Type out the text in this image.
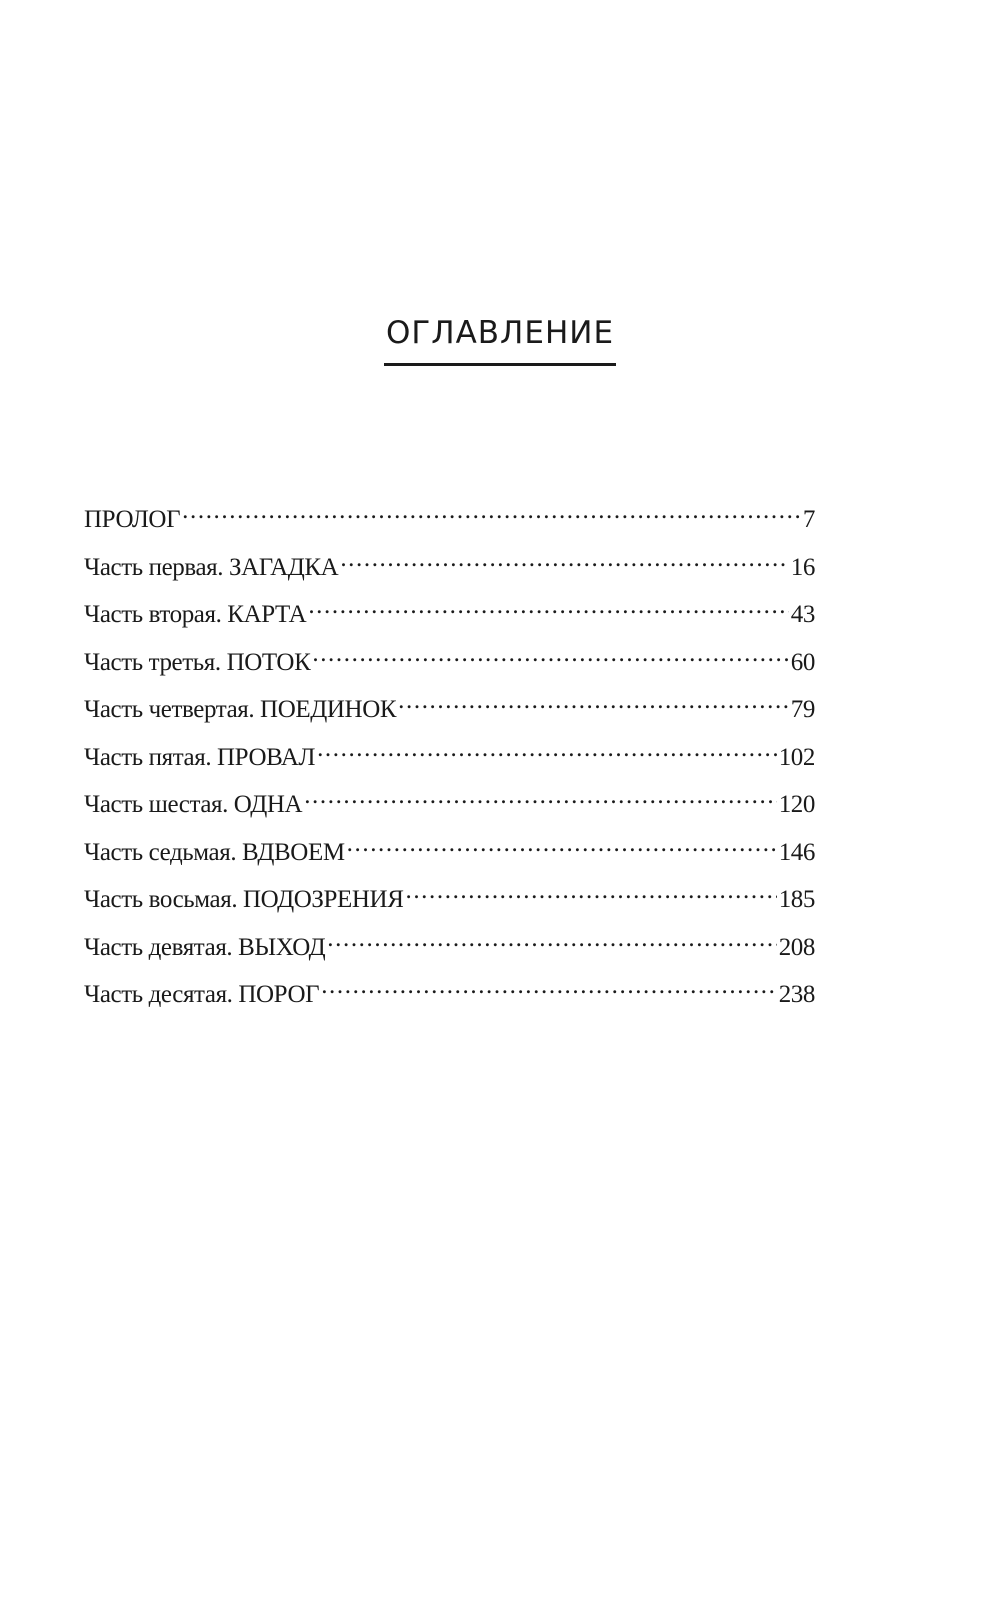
ОГЛАВЛЕНИЕ
ПРОЛОГ .....	7
Часть первая. ЗАГАДКА .....	16
Часть вторая. КАРТА .....	43
Часть третья. ПОТОК .....	60
Часть четвертая. ПОЕДИНОК .....	79
Часть пятая. ПРОВАЛ .....	102
Часть шестая. ОДНА .....	120
Часть седьмая. ВДВОЕМ .....	146
Часть восьмая. ПОДОЗРЕНИЯ .....	185
Часть девятая. ВЫХОД .....	208
Часть десятая. ПОРОГ .....	238
